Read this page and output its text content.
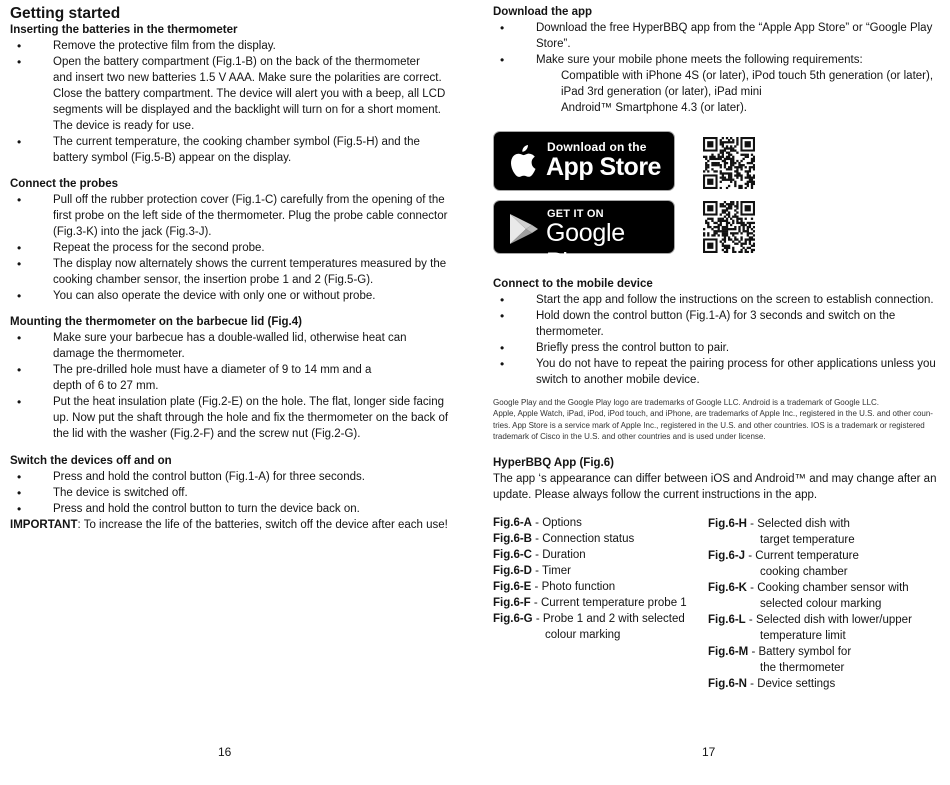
Getting started
Inserting the batteries in the thermometer
• Remove the protective film from the display.
• Open the battery compartment (Fig.1-B) on the back of the thermometer
and insert two new batteries 1.5 V AAA. Make sure the polarities are correct.
Close the battery compartment. The device will alert you with a beep, all LCD
segments will be displayed and the backlight will turn on for a short moment.
The device is ready for use.
• The current temperature, the cooking chamber symbol (Fig.5-H) and the
battery symbol (Fig.5-B) appear on the display.
Connect the probes
• Pull off the rubber protection cover (Fig.1-C) carefully from the opening of the
first probe on the left side of the thermometer. Plug the probe cable connector
(Fig.3-K) into the jack (Fig.3-J).
• Repeat the process for the second probe.
• The display now alternately shows the current temperatures measured by the
cooking chamber sensor, the insertion probe 1 and 2 (Fig.5-G).
• You can also operate the device with only one or without probe.
Mounting the thermometer on the barbecue lid (Fig.4)
• Make sure your barbecue has a double-walled lid, otherwise heat can
damage the thermometer.
• The pre-drilled hole must have a diameter of 9 to 14 mm and a
depth of 6 to 27 mm.
• Put the heat insulation plate (Fig.2-E) on the hole. The flat, longer side facing
up. Now put the shaft through the hole and fix the thermometer on the back of
the lid with the washer (Fig.2-F) and the screw nut (Fig.2-G).
Switch the devices off and on
• Press and hold the control button (Fig.1-A) for three seconds.
• The device is switched off.
• Press and hold the control button to turn the device back on.
IMPORTANT: To increase the life of the batteries, switch off the device after each use!
16
Download the app
• Download the free HyperBBQ app from the “Apple App Store” or “Google Play
Store”.
• Make sure your mobile phone meets the following requirements:
Compatible with iPhone 4S (or later), iPod touch 5th generation (or later),
iPad 3rd generation (or later), iPad mini
Android™ Smartphone 4.3 (or later).
Download on the
App Store
GET IT ON
Google Play
Connect to the mobile device
• Start the app and follow the instructions on the screen to establish connection.
• Hold down the control button (Fig.1-A) for 3 seconds and switch on the
thermometer.
• Briefly press the control button to pair.
• You do not have to repeat the pairing process for other applications unless you
switch to another mobile device.
Google Play and the Google Play logo are trademarks of Google LLC. Android is a trademark of Google LLC.
Apple, Apple Watch, iPad, iPod, iPod touch, and iPhone, are trademarks of Apple Inc., registered in the U.S. and other coun-
tries. App Store is a service mark of Apple Inc., registered in the U.S. and other countries. IOS is a trademark or registered
trademark of Cisco in the U.S. and other countries and is used under license.
HyperBBQ App (Fig.6)
The app ‘s appearance can differ between iOS and Android™ and may change after an
update. Please always follow the current instructions in the app.
Fig.6-A - Options
Fig.6-B - Connection status
Fig.6-C - Duration
Fig.6-D - Timer
Fig.6-E - Photo function
Fig.6-F - Current temperature probe 1
Fig.6-G - Probe 1 and 2 with selected
colour marking
Fig.6-H - Selected dish with
target temperature
Fig.6-J - Current temperature
cooking chamber
Fig.6-K - Cooking chamber sensor with
selected colour marking
Fig.6-L - Selected dish with lower/upper
temperature limit
Fig.6-M - Battery symbol for
the thermometer
Fig.6-N - Device settings
17
